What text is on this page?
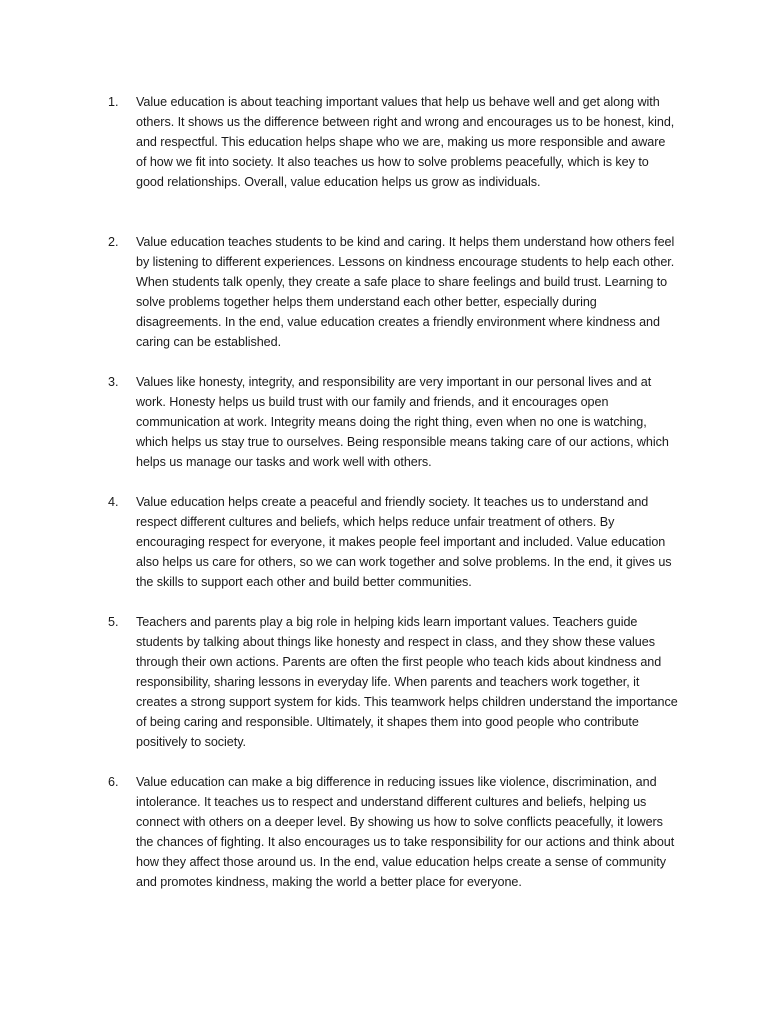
1.	Value education is about teaching important values that help us behave well and get along with others. It shows us the difference between right and wrong and encourages us to be honest, kind, and respectful. This education helps shape who we are, making us more responsible and aware of how we fit into society. It also teaches us how to solve problems peacefully, which is key to good relationships. Overall, value education helps us grow as individuals.
2.	Value education teaches students to be kind and caring. It helps them understand how others feel by listening to different experiences. Lessons on kindness encourage students to help each other. When students talk openly, they create a safe place to share feelings and build trust. Learning to solve problems together helps them understand each other better, especially during disagreements. In the end, value education creates a friendly environment where kindness and caring can be established.
3.	Values like honesty, integrity, and responsibility are very important in our personal lives and at work. Honesty helps us build trust with our family and friends, and it encourages open communication at work. Integrity means doing the right thing, even when no one is watching, which helps us stay true to ourselves. Being responsible means taking care of our actions, which helps us manage our tasks and work well with others.
4.	Value education helps create a peaceful and friendly society. It teaches us to understand and respect different cultures and beliefs, which helps reduce unfair treatment of others. By encouraging respect for everyone, it makes people feel important and included. Value education also helps us care for others, so we can work together and solve problems. In the end, it gives us the skills to support each other and build better communities.
5.	Teachers and parents play a big role in helping kids learn important values. Teachers guide students by talking about things like honesty and respect in class, and they show these values through their own actions. Parents are often the first people who teach kids about kindness and responsibility, sharing lessons in everyday life. When parents and teachers work together, it creates a strong support system for kids. This teamwork helps children understand the importance of being caring and responsible. Ultimately, it shapes them into good people who contribute positively to society.
6.	Value education can make a big difference in reducing issues like violence, discrimination, and intolerance. It teaches us to respect and understand different cultures and beliefs, helping us connect with others on a deeper level. By showing us how to solve conflicts peacefully, it lowers the chances of fighting. It also encourages us to take responsibility for our actions and think about how they affect those around us. In the end, value education helps create a sense of community and promotes kindness, making the world a better place for everyone.
